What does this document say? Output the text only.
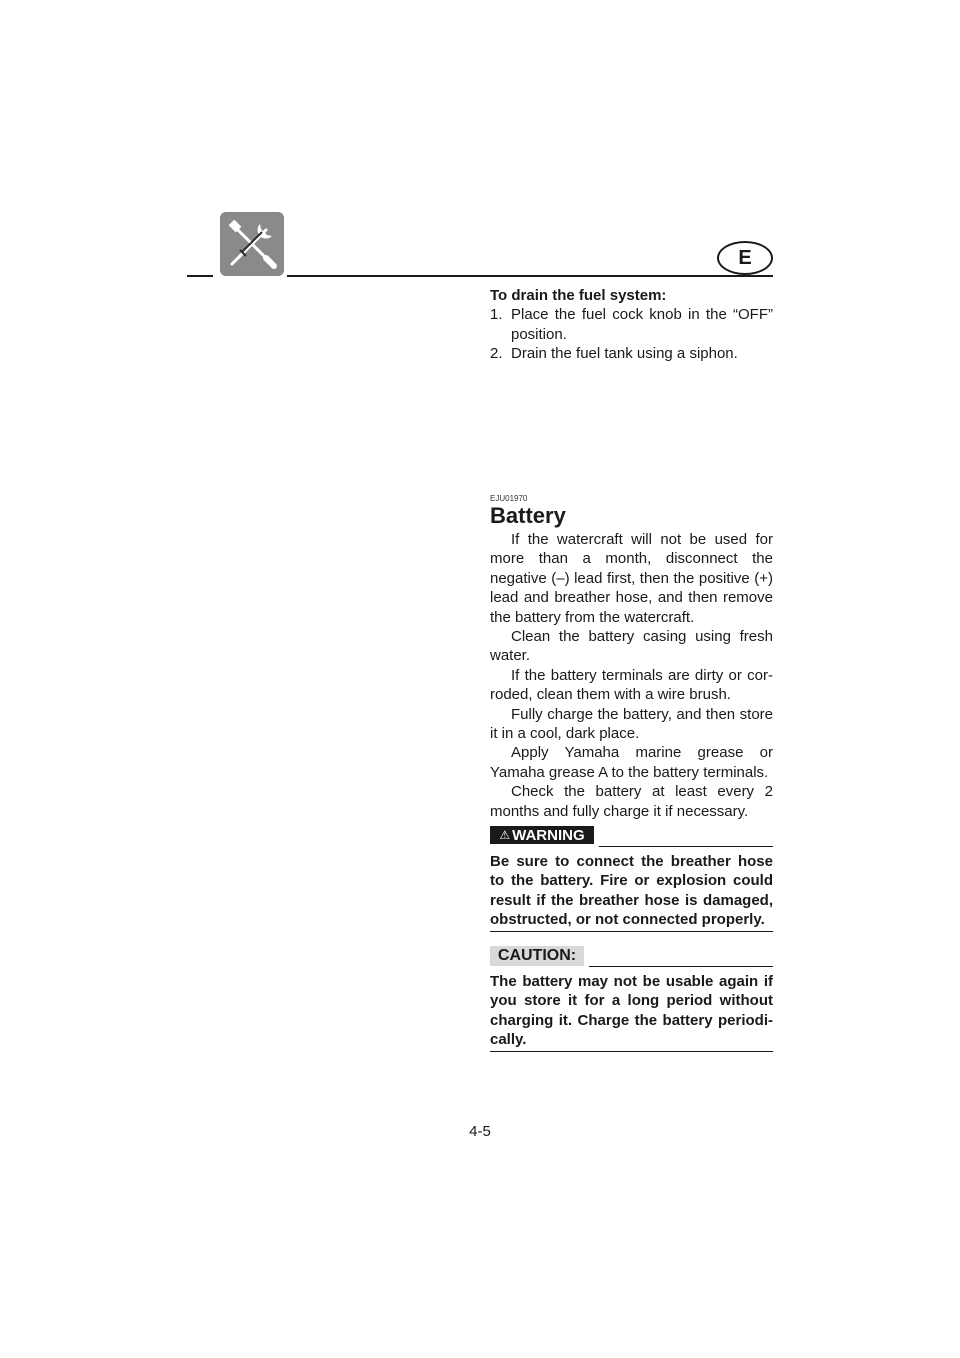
E
To drain the fuel system:
1. Place the fuel cock knob in the “OFF” position.
2. Drain the fuel tank using a siphon.
EJU01970
Battery
If the watercraft will not be used for more than a month, disconnect the negative (–) lead first, then the positive (+) lead and breather hose, and then remove the battery from the watercraft.
Clean the battery casing using fresh water.
If the battery terminals are dirty or cor-roded, clean them with a wire brush.
Fully charge the battery, and then store it in a cool, dark place.
Apply Yamaha marine grease or Yamaha grease A to the battery terminals.
Check the battery at least every 2 months and fully charge it if necessary.
⚠ WARNING
Be sure to connect the breather hose to the battery. Fire or explosion could result if the breather hose is damaged, obstructed, or not connected properly.
CAUTION:
The battery may not be usable again if you store it for a long period without charging it. Charge the battery periodi-cally.
4-5
